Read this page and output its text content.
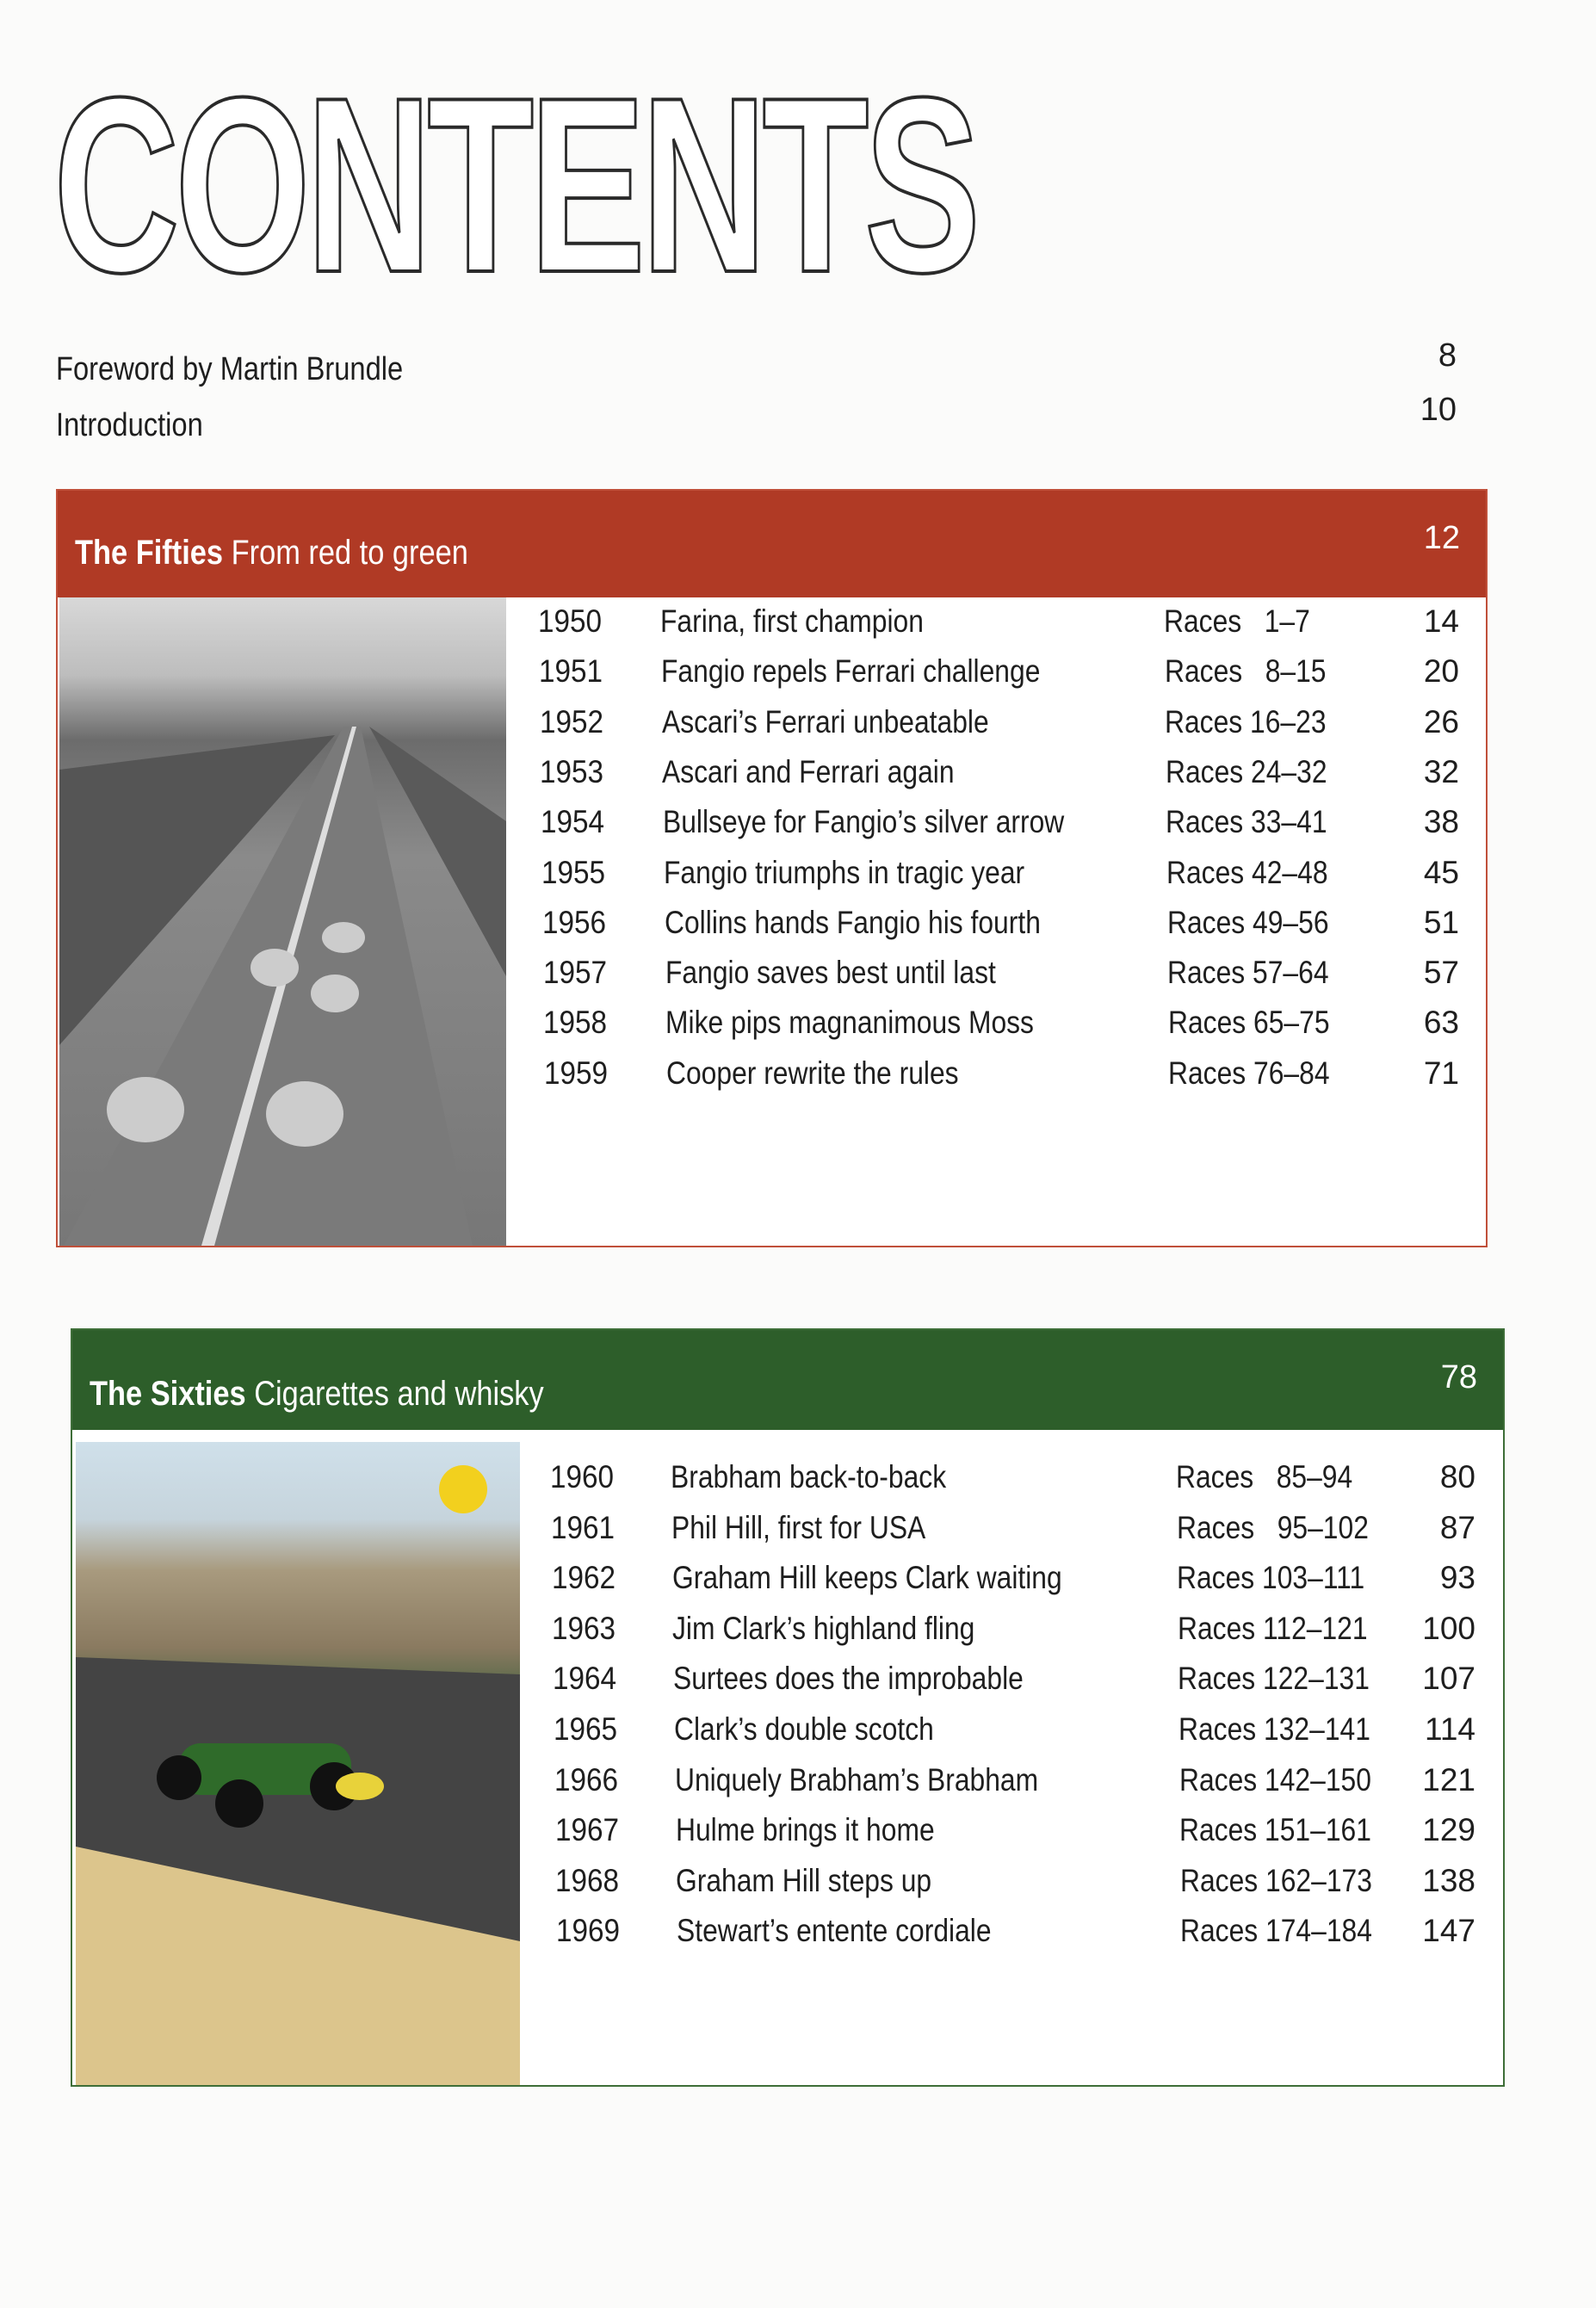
CONTENTS
Foreword by Martin Brundle	8
Introduction	10
The Fifties From red to green	12
1950 Farina, first champion	Races   1–7	14
1951 Fangio repels Ferrari challenge	Races   8–15	20
1952 Ascari’s Ferrari unbeatable	Races 16–23	26
1953 Ascari and Ferrari again	Races 24–32	32
1954 Bullseye for Fangio’s silver arrow	Races 33–41	38
1955 Fangio triumphs in tragic year	Races 42–48	45
1956 Collins hands Fangio his fourth	Races 49–56	51
1957 Fangio saves best until last	Races 57–64	57
1958 Mike pips magnanimous Moss	Races 65–75	63
1959 Cooper rewrite the rules	Races 76–84	71
The Sixties Cigarettes and whisky	78
1960 Brabham back-to-back	Races   85–94	80
1961 Phil Hill, first for USA	Races   95–102	87
1962 Graham Hill keeps Clark waiting	Races 103–111	93
1963 Jim Clark’s highland fling	Races 112–121	100
1964 Surtees does the improbable	Races 122–131	107
1965 Clark’s double scotch	Races 132–141	114
1966 Uniquely Brabham’s Brabham	Races 142–150	121
1967 Hulme brings it home	Races 151–161	129
1968 Graham Hill steps up	Races 162–173	138
1969 Stewart’s entente cordiale	Races 174–184	147
